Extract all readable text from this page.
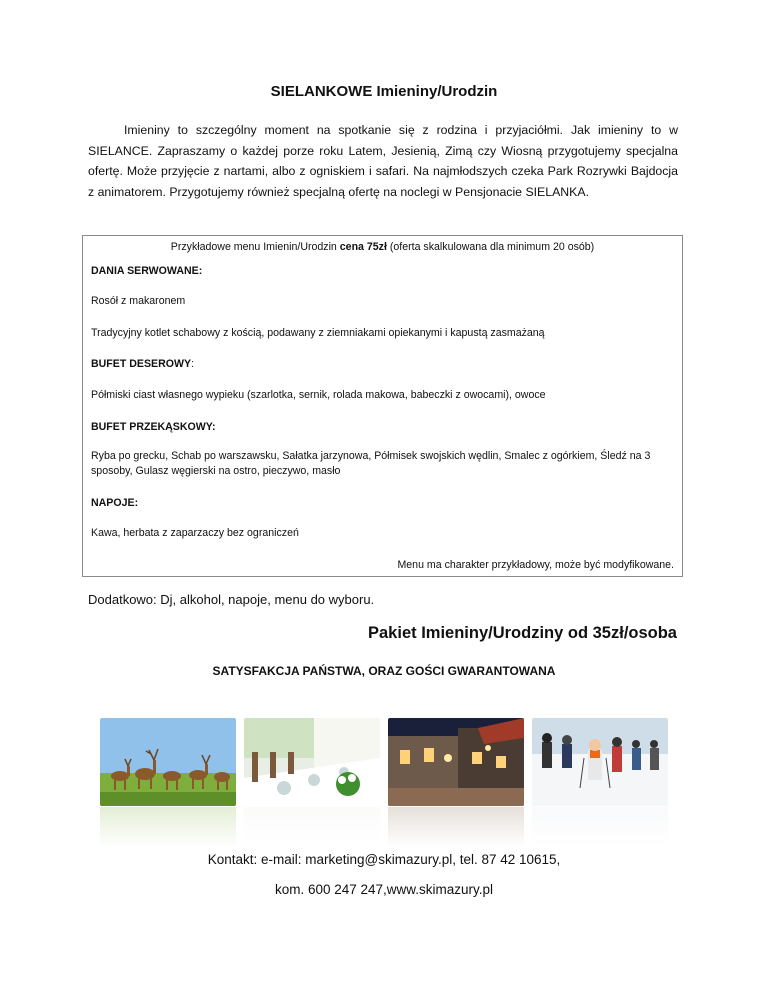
SIELANKOWE Imieniny/Urodzin
Imieniny to szczególny moment na spotkanie się z rodzina i przyjaciółmi. Jak imieniny to w SIELANCE. Zapraszamy o każdej porze roku Latem, Jesienią, Zimą czy Wiosną przygotujemy specjalna ofertę. Może przyjęcie z nartami, albo z ogniskiem i safari. Na najmłodszych czeka Park Rozrywki Bajdocja z animatorem. Przygotujemy również specjalną ofertę na noclegi w Pensjonacie SIELANKA.
Przykładowe menu Imienin/Urodzin cena 75zł (oferta skalkulowana dla minimum 20 osób)
DANIA SERWOWANE:
Rosół z makaronem
Tradycyjny kotlet schabowy z kością, podawany z ziemniakami opiekanymi i kapustą zasmażaną
BUFET DESEROWY:
Półmiski ciast własnego wypieku (szarlotka, sernik, rolada makowa, babeczki z owocami), owoce
BUFET PRZEKĄSKOWY:
Ryba po grecku, Schab po warszawsku, Sałatka jarzynowa, Półmisek swojskich wędlin, Smalec z ogórkiem, Śledź na 3 sposoby, Gulasz węgierski na ostro, pieczywo, masło
NAPOJE:
Kawa, herbata z zaparzaczy bez ograniczeń
Menu ma charakter przykładowy, może być modyfikowane.
Dodatkowo: Dj, alkohol, napoje, menu do wyboru.
Pakiet Imieniny/Urodziny od 35zł/osoba
SATYSFAKCJA PAŃSTWA, ORAZ GOŚCI GWARANTOWANA
Kontakt: e-mail: marketing@skimazury.pl, tel. 87 42 10615,
kom. 600 247 247,www.skimazury.pl
